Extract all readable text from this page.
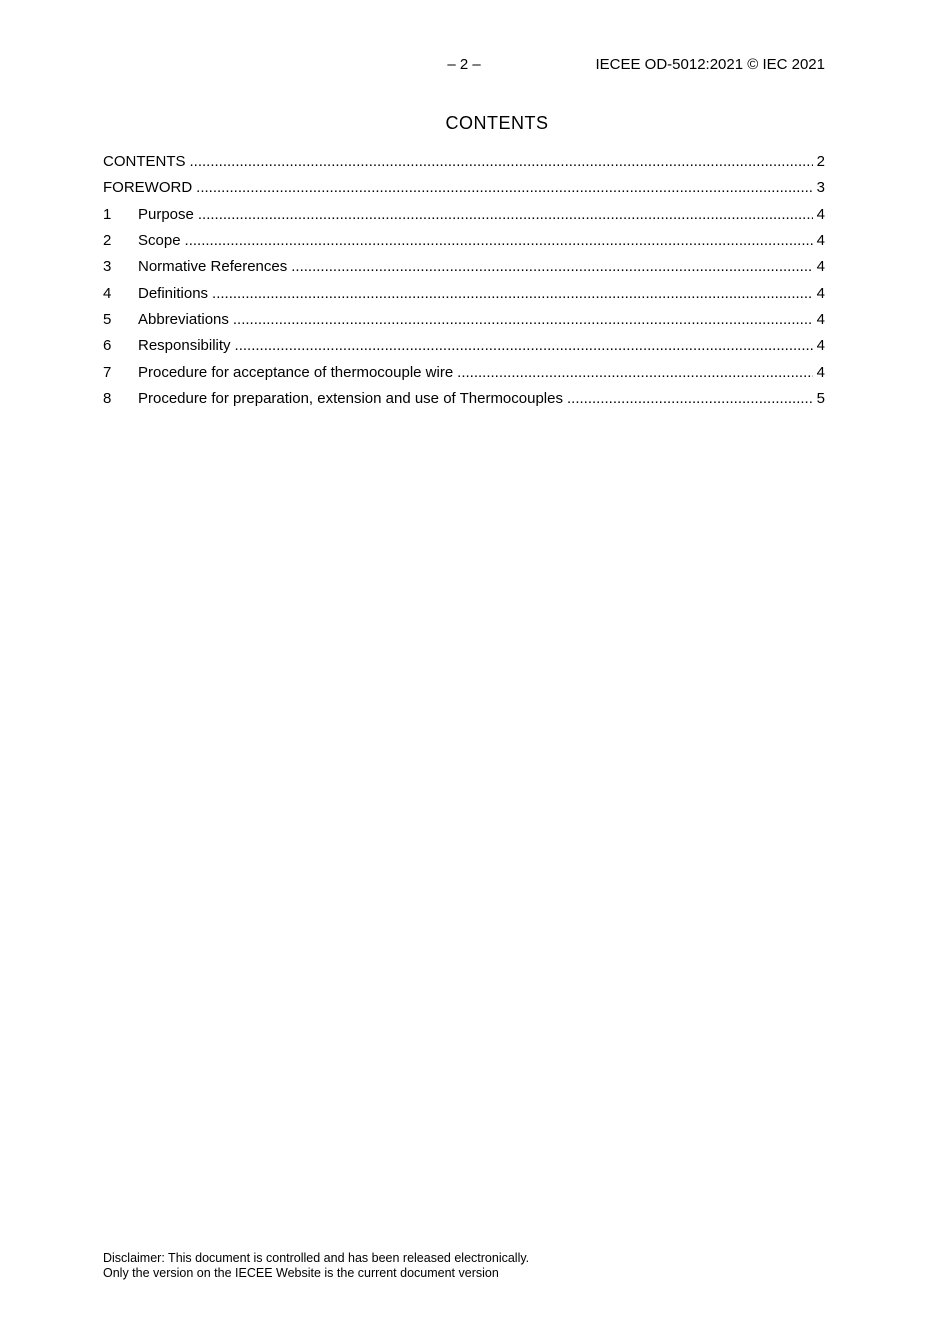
– 2 –	IECEE OD-5012:2021 © IEC 2021
CONTENTS
CONTENTS .....	2
FOREWORD .....	3
1	Purpose .....	4
2	Scope .....	4
3	Normative References .....	4
4	Definitions .....	4
5	Abbreviations .....	4
6	Responsibility .....	4
7	Procedure for acceptance of thermocouple wire .....	4
8	Procedure for preparation, extension and use of Thermocouples .....	5
Disclaimer: This document is controlled and has been released electronically.
Only the version on the IECEE Website is the current document version
